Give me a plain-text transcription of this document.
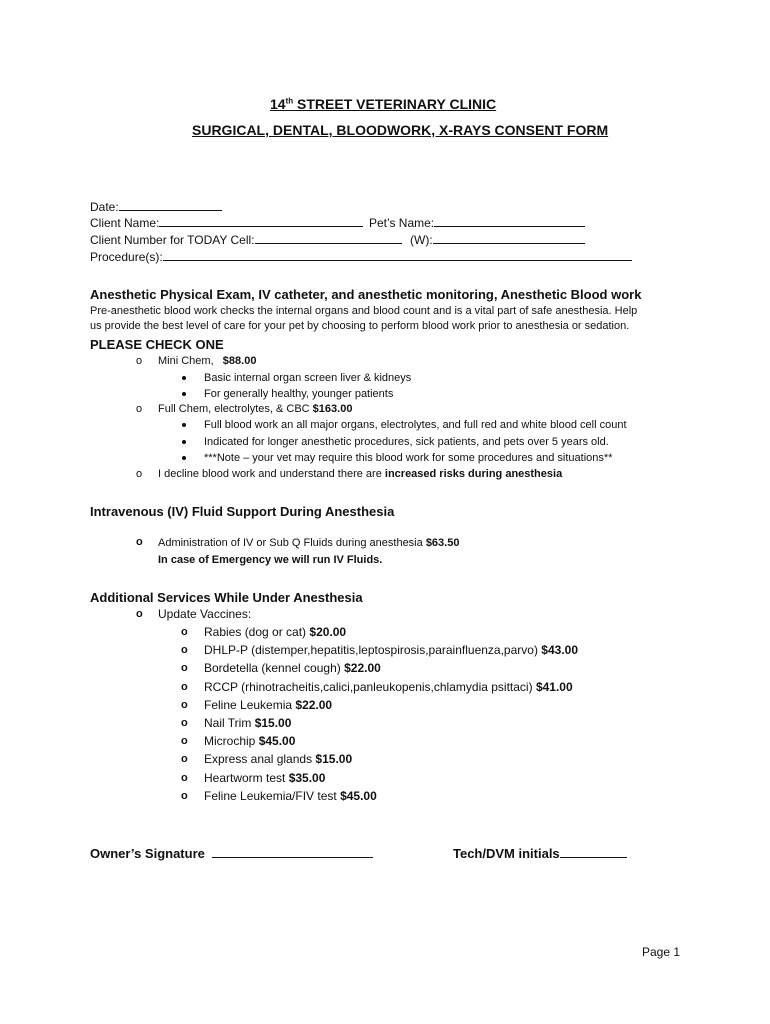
14th STREET VETERINARY CLINIC
SURGICAL, DENTAL, BLOODWORK, X-RAYS CONSENT FORM
Date:
Client Name:	Pet’s Name:
Client Number for TODAY Cell:	(W):
Procedure(s):
Anesthetic Physical Exam, IV catheter, and anesthetic monitoring, Anesthetic Blood work
Pre-anesthetic blood work checks the internal organs and blood count and is a vital part of safe anesthesia. Help
us provide the best level of care for your pet by choosing to perform blood work prior to anesthesia or sedation.
PLEASE CHECK ONE
o Mini Chem, $88.00
Basic internal organ screen liver & kidneys
For generally healthy, younger patients
o Full Chem, electrolytes, & CBC $163.00
Full blood work an all major organs, electrolytes, and full red and white blood cell count
Indicated for longer anesthetic procedures, sick patients, and pets over 5 years old.
***Note – your vet may require this blood work for some procedures and situations**
o I decline blood work and understand there are increased risks during anesthesia
Intravenous (IV) Fluid Support During Anesthesia
o Administration of IV or Sub Q Fluids during anesthesia $63.50
In case of Emergency we will run IV Fluids.
Additional Services While Under Anesthesia
o Update Vaccines:
o Rabies (dog or cat) $20.00
o DHLP-P (distemper,hepatitis,leptospirosis,parainfluenza,parvo) $43.00
o Bordetella (kennel cough) $22.00
o RCCP (rhinotracheitis,calici,panleukopenis,chlamydia psittaci) $41.00
o Feline Leukemia $22.00
o Nail Trim $15.00
o Microchip $45.00
o Express anal glands $15.00
o Heartworm test $35.00
o Feline Leukemia/FIV test $45.00
Owner’s Signature	Tech/DVM initials
Page 1
